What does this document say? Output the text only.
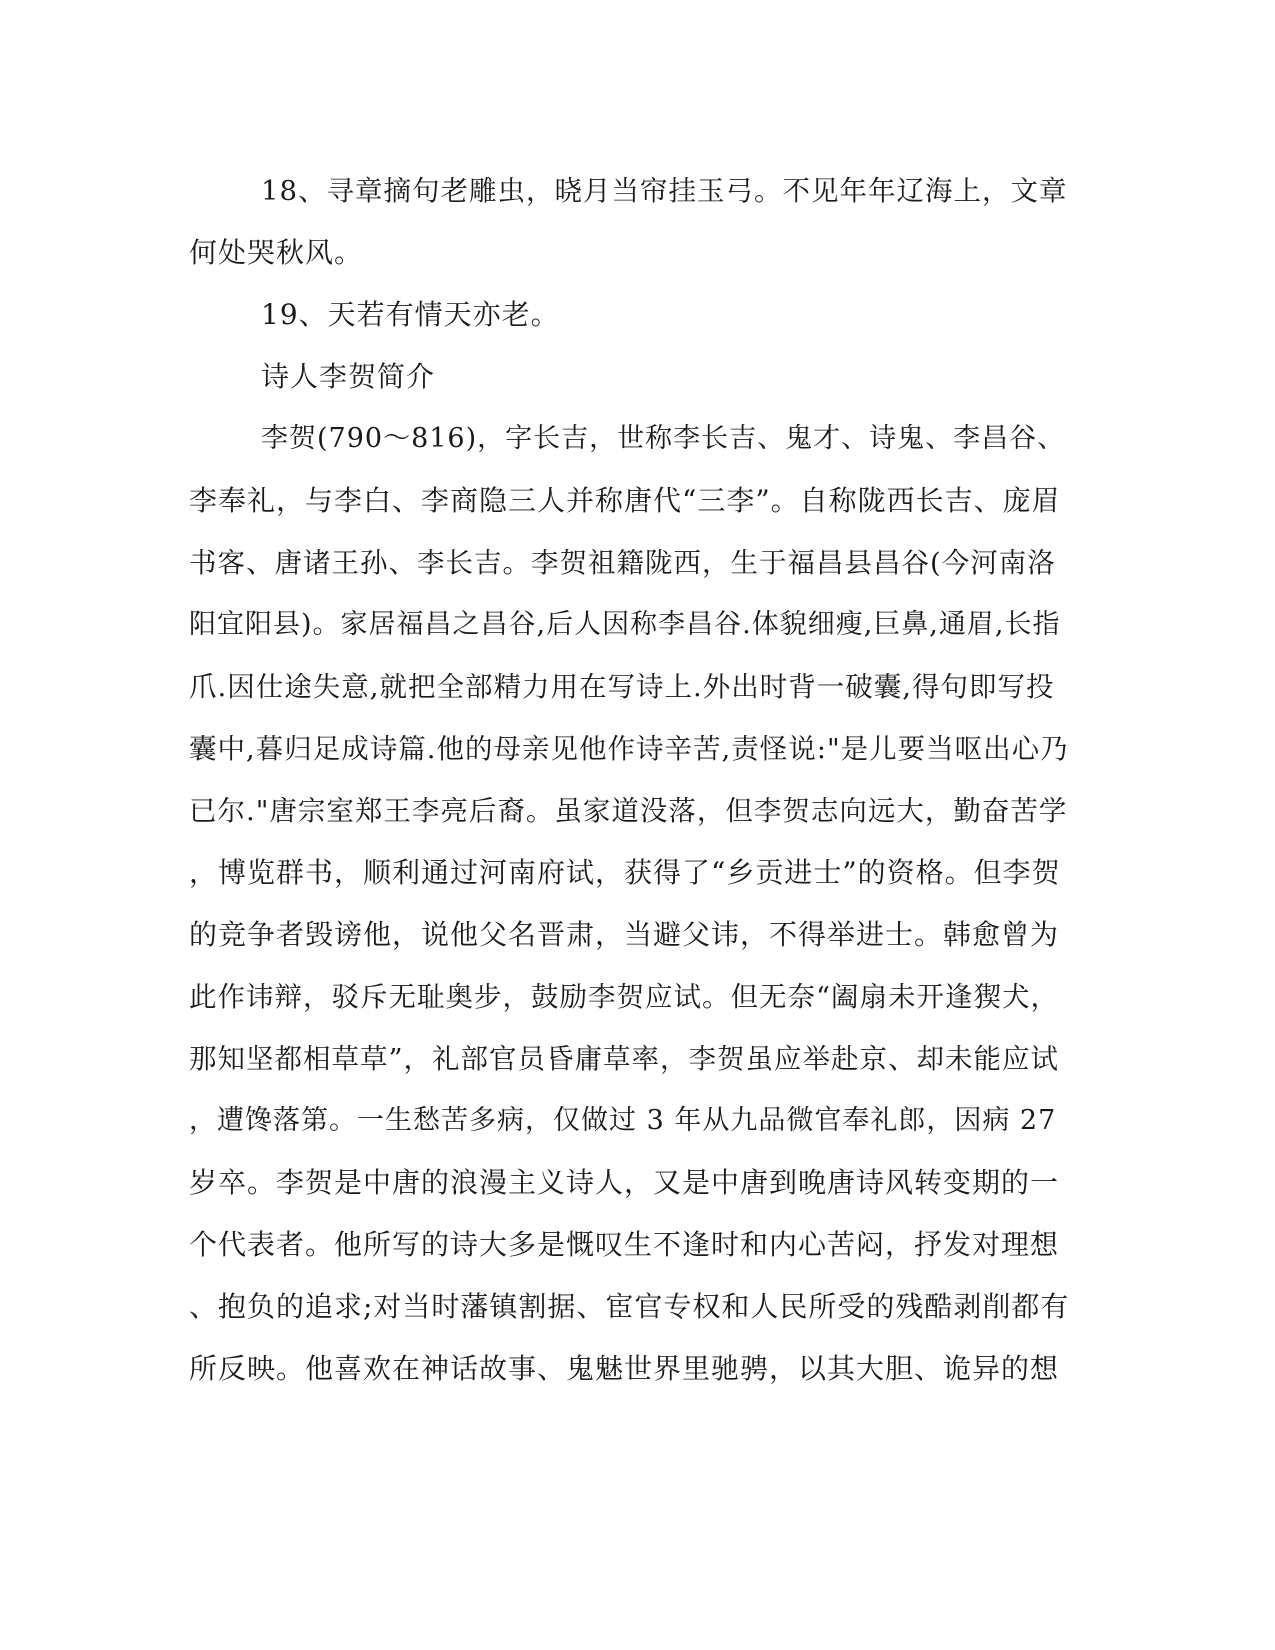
18、寻章摘句老雕虫，晓月当帘挂玉弓。不见年年辽海上，文章
何处哭秋风。
19、天若有情天亦老。
诗人李贺简介
李贺(790～816)，字长吉，世称李长吉、鬼才、诗鬼、李昌谷、
李奉礼，与李白、李商隐三人并称唐代“三李”。自称陇西长吉、庞眉
书客、唐诸王孙、李长吉。李贺祖籍陇西，生于福昌县昌谷(今河南洛
阳宜阳县)。家居福昌之昌谷,后人因称李昌谷.体貌细瘦,巨鼻,通眉,长指
爪.因仕途失意,就把全部精力用在写诗上.外出时背一破囊,得句即写投
囊中,暮归足成诗篇.他的母亲见他作诗辛苦,责怪说:"是儿要当呕出心乃
已尔."唐宗室郑王李亮后裔。虽家道没落，但李贺志向远大，勤奋苦学
，博览群书，顺利通过河南府试，获得了“乡贡进士”的资格。但李贺
的竞争者毁谤他，说他父名晋肃，当避父讳，不得举进士。韩愈曾为
此作讳辩，驳斥无耻奥步，鼓励李贺应试。但无奈“阖扇未开逢猰犬，
那知坚都相草草”，礼部官员昏庸草率，李贺虽应举赴京、却未能应试
，遭馋落第。一生愁苦多病，仅做过 3 年从九品微官奉礼郎，因病 27
岁卒。李贺是中唐的浪漫主义诗人，又是中唐到晚唐诗风转变期的一
个代表者。他所写的诗大多是慨叹生不逢时和内心苦闷，抒发对理想
、抱负的追求;对当时藩镇割据、宦官专权和人民所受的残酷剥削都有
所反映。他喜欢在神话故事、鬼魅世界里驰骋，以其大胆、诡异的想
